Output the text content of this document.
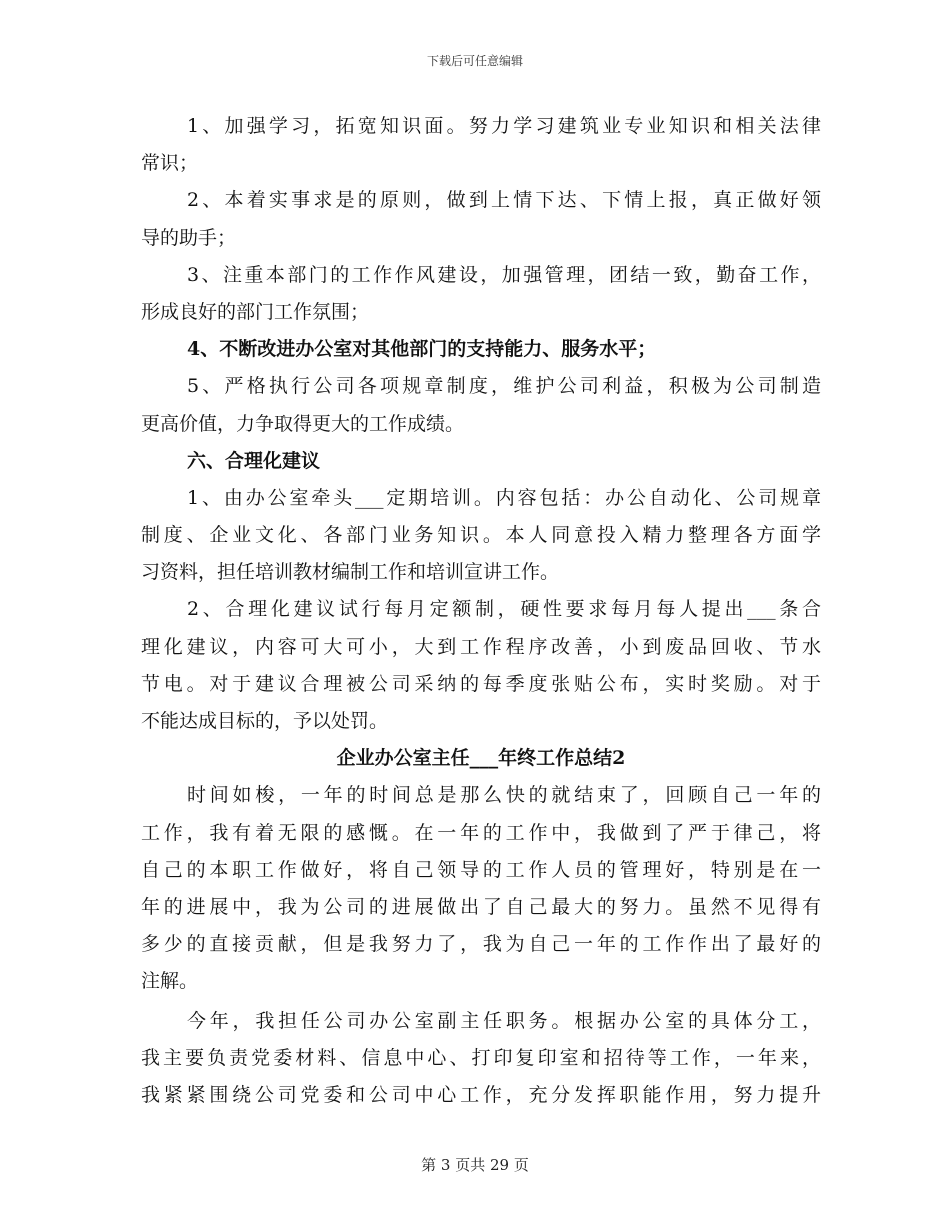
下载后可任意编辑
1、加强学习，拓宽知识面。努力学习建筑业专业知识和相关法律
常识；
2、本着实事求是的原则，做到上情下达、下情上报，真正做好领
导的助手；
3、注重本部门的工作作风建设，加强管理，团结一致，勤奋工作，
形成良好的部门工作氛围；
4、不断改进办公室对其他部门的支持能力、服务水平；
5、严格执行公司各项规章制度，维护公司利益，积极为公司制造
更高价值，力争取得更大的工作成绩。
六、合理化建议
1、由办公室牵头___定期培训。内容包括：办公自动化、公司规章
制度、企业文化、各部门业务知识。本人同意投入精力整理各方面学
习资料，担任培训教材编制工作和培训宣讲工作。
2、合理化建议试行每月定额制，硬性要求每月每人提出___条合
理化建议，内容可大可小，大到工作程序改善，小到废品回收、节水
节电。对于建议合理被公司采纳的每季度张贴公布，实时奖励。对于
不能达成目标的，予以处罚。
企业办公室主任___年终工作总结2
时间如梭，一年的时间总是那么快的就结束了，回顾自己一年的
工作，我有着无限的感慨。在一年的工作中，我做到了严于律己，将
自己的本职工作做好，将自己领导的工作人员的管理好，特别是在一
年的进展中，我为公司的进展做出了自己最大的努力。虽然不见得有
多少的直接贡献，但是我努力了，我为自己一年的工作作出了最好的
注解。
今年，我担任公司办公室副主任职务。根据办公室的具体分工，
我主要负责党委材料、信息中心、打印复印室和招待等工作，一年来，
我紧紧围绕公司党委和公司中心工作，充分发挥职能作用，努力提升
第 3 页共 29 页
